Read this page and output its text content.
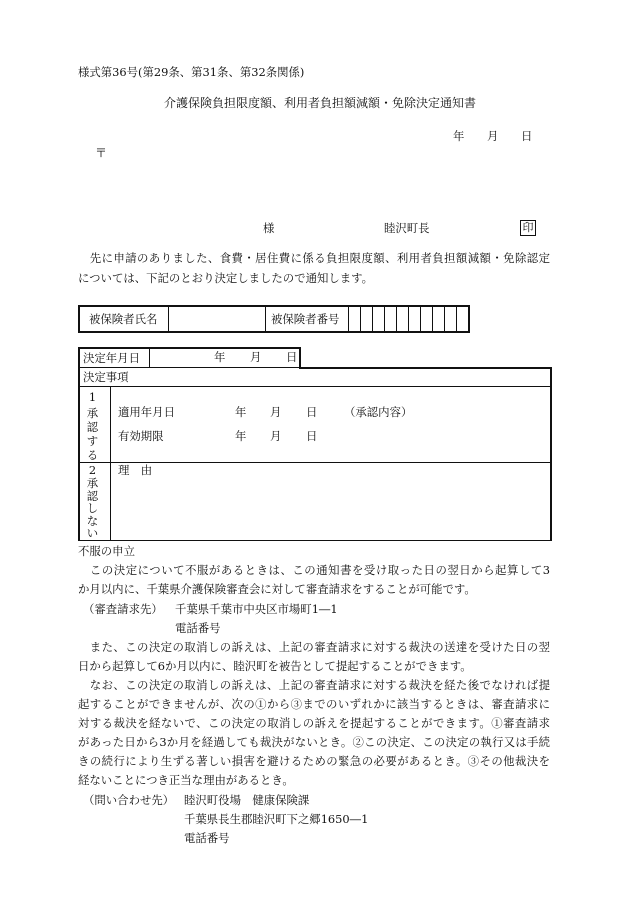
様式第36号(第29条、第31条、第32条関係)
介護保険負担限度額、利用者負担額減額・免除決定通知書
年 月 日
〒
様	睦沢町長	印
　先に申請のありました、食費・居住費に係る負担限度額、利用者負担額減額・免除認定
については、下記のとおり決定しましたので通知します。
被保険者氏名	被保険者番号
決定年月日	年 月 日
決定事項
1
承認する
適用年月日	年 月 日 （承認内容）
有効期限	年 月 日
2
承認しない
理　由
不服の申立
　この決定について不服があるときは、この通知書を受け取った日の翌日から起算して3
か月以内に、千葉県介護保険審査会に対して審査請求をすることが可能です。
（審査請求先） 千葉県千葉市中央区市場町1―1
電話番号
　また、この決定の取消しの訴えは、上記の審査請求に対する裁決の送達を受けた日の翌
日から起算して6か月以内に、睦沢町を被告として提起することができます。
　なお、この決定の取消しの訴えは、上記の審査請求に対する裁決を経た後でなければ提
起することができませんが、次の①から③までのいずれかに該当するときは、審査請求に
対する裁決を経ないで、この決定の取消しの訴えを提起することができます。①審査請求
があった日から3か月を経過しても裁決がないとき。②この決定、この決定の執行又は手続
きの続行により生ずる著しい損害を避けるための緊急の必要があるとき。③その他裁決を
経ないことにつき正当な理由があるとき。
（問い合わせ先） 睦沢町役場　健康保険課
千葉県長生郡睦沢町下之郷1650―1
電話番号
